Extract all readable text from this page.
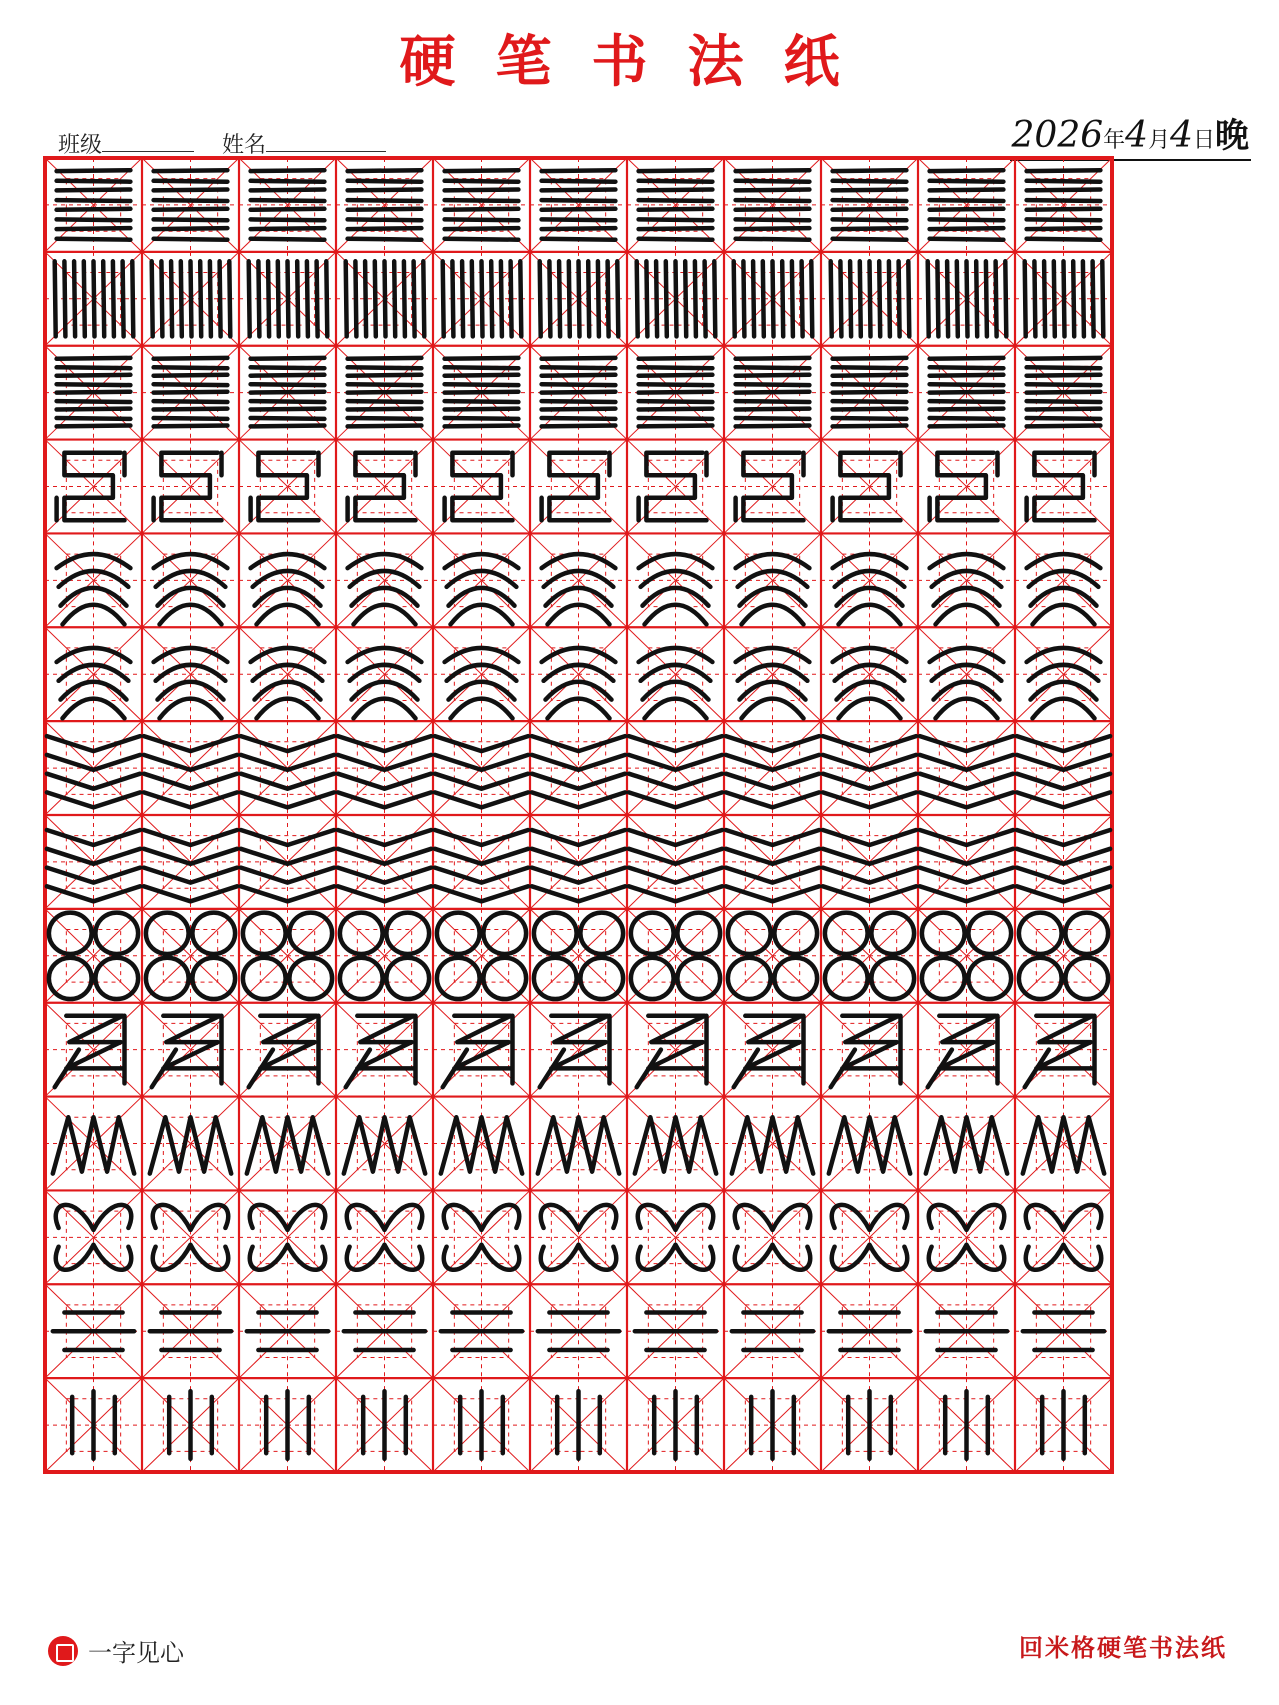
硬笔书法纸
班级	姓名	2026年4月4日晚
一字见心	回米格硬笔书法纸
